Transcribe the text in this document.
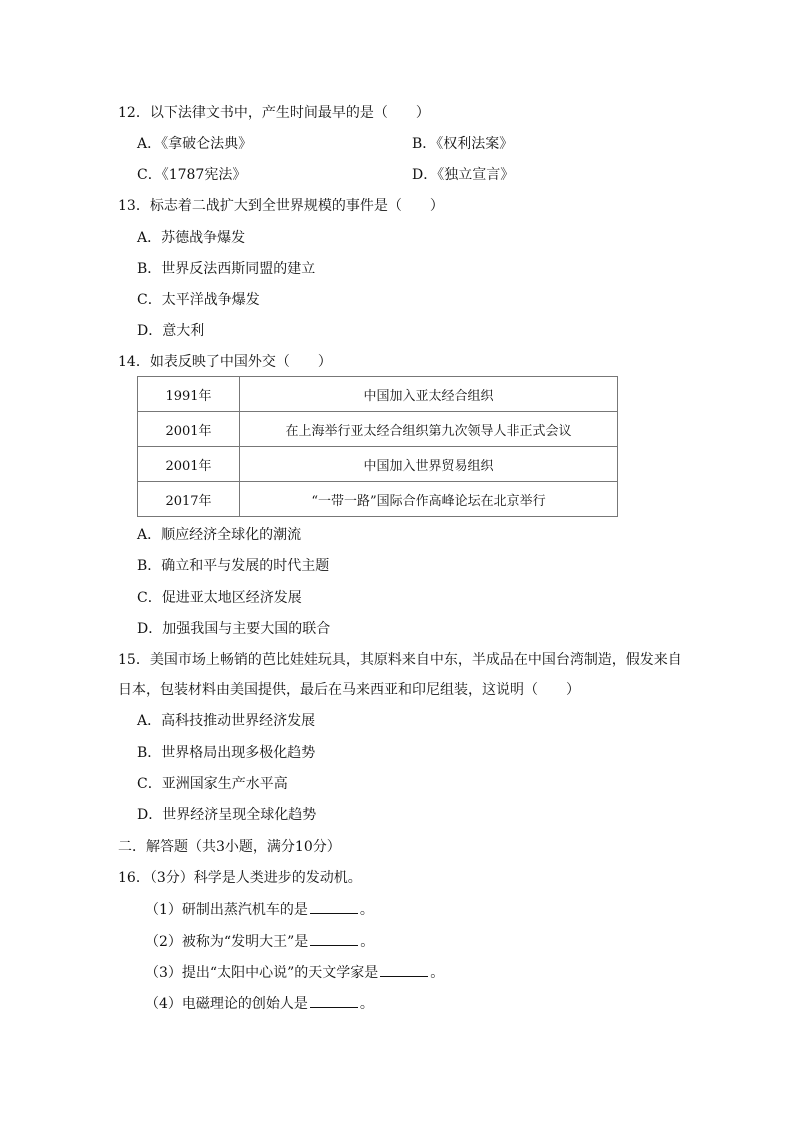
12．以下法律文书中，产生时间最早的是（　　）
A．《拿破仑法典》	B．《权利法案》
C．《1787宪法》	D．《独立宣言》
13．标志着二战扩大到全世界规模的事件是（　　）
A．苏德战争爆发
B．世界反法西斯同盟的建立
C．太平洋战争爆发
D．意大利
14．如表反映了中国外交（　　）
1991年	中国加入亚太经合组织
2001年	在上海举行亚太经合组织第九次领导人非正式会议
2001年	中国加入世界贸易组织
2017年	“一带一路”国际合作高峰论坛在北京举行
A．顺应经济全球化的潮流
B．确立和平与发展的时代主题
C．促进亚太地区经济发展
D．加强我国与主要大国的联合
15．美国市场上畅销的芭比娃娃玩具，其原料来自中东，半成品在中国台湾制造，假发来自
日本，包装材料由美国提供，最后在马来西亚和印尼组装，这说明（　　）
A．高科技推动世界经济发展
B．世界格局出现多极化趋势
C．亚洲国家生产水平高
D．世界经济呈现全球化趋势
二．解答题（共3小题，满分10分）
16．（3分）科学是人类进步的发动机。
（1）研制出蒸汽机车的是	。
（2）被称为“发明大王”是	。
（3）提出“太阳中心说”的天文学家是	。
（4）电磁理论的创始人是	。
